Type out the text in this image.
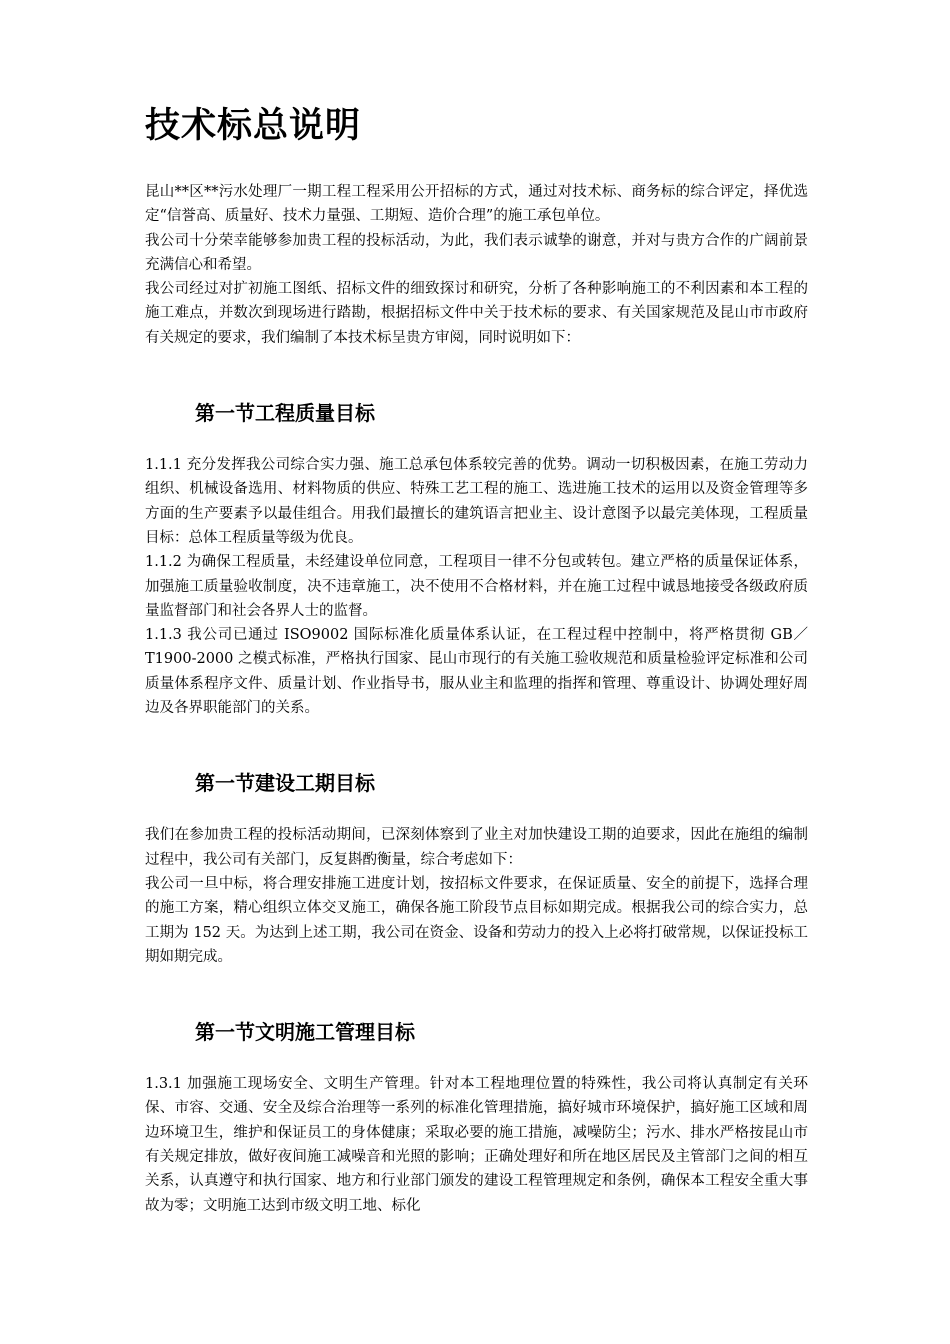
技术标总说明

昆山**区**污水处理厂一期工程工程采用公开招标的方式，通过对技术标、商务标的综合评定，择优选定“信誉高、质量好、技术力量强、工期短、造价合理”的施工承包单位。

我公司十分荣幸能够参加贵工程的投标活动，为此，我们表示诚挚的谢意，并对与贵方合作的广阔前景充满信心和希望。

我公司经过对扩初施工图纸、招标文件的细致探讨和研究，分析了各种影响施工的不利因素和本工程的施工难点，并数次到现场进行踏勘，根据招标文件中关于技术标的要求、有关国家规范及昆山市市政府有关规定的要求，我们编制了本技术标呈贵方审阅，同时说明如下：

第一节工程质量目标

1.1.1 充分发挥我公司综合实力强、施工总承包体系较完善的优势。调动一切积极因素，在施工劳动力组织、机械设备选用、材料物质的供应、特殊工艺工程的施工、选进施工技术的运用以及资金管理等多方面的生产要素予以最佳组合。用我们最擅长的建筑语言把业主、设计意图予以最完美体现，工程质量目标：总体工程质量等级为优良。

1.1.2 为确保工程质量，未经建设单位同意，工程项目一律不分包或转包。建立严格的质量保证体系，加强施工质量验收制度，决不违章施工，决不使用不合格材料，并在施工过程中诚恳地接受各级政府质量监督部门和社会各界人士的监督。

1.1.3 我公司已通过 ISO9002 国际标准化质量体系认证，在工程过程中控制中，将严格贯彻 GB／T1900-2000 之模式标准，严格执行国家、昆山市现行的有关施工验收规范和质量检验评定标准和公司质量体系程序文件、质量计划、作业指导书，服从业主和监理的指挥和管理、尊重设计、协调处理好周边及各界职能部门的关系。

第一节建设工期目标

我们在参加贵工程的投标活动期间，已深刻体察到了业主对加快建设工期的迫要求，因此在施组的编制过程中，我公司有关部门，反复斟酌衡量，综合考虑如下：

我公司一旦中标，将合理安排施工进度计划，按招标文件要求，在保证质量、安全的前提下，选择合理的施工方案，精心组织立体交叉施工，确保各施工阶段节点目标如期完成。根据我公司的综合实力，总工期为 152 天。为达到上述工期，我公司在资金、设备和劳动力的投入上必将打破常规，以保证投标工期如期完成。

第一节文明施工管理目标

1.3.1 加强施工现场安全、文明生产管理。针对本工程地理位置的特殊性，我公司将认真制定有关环保、市容、交通、安全及综合治理等一系列的标准化管理措施，搞好城市环境保护，搞好施工区域和周边环境卫生，维护和保证员工的身体健康；采取必要的施工措施，减噪防尘；污水、排水严格按昆山市有关规定排放，做好夜间施工减噪音和光照的影响；正确处理好和所在地区居民及主管部门之间的相互关系，认真遵守和执行国家、地方和行业部门颁发的建设工程管理规定和条例，确保本工程安全重大事故为零；文明施工达到市级文明工地、标化
